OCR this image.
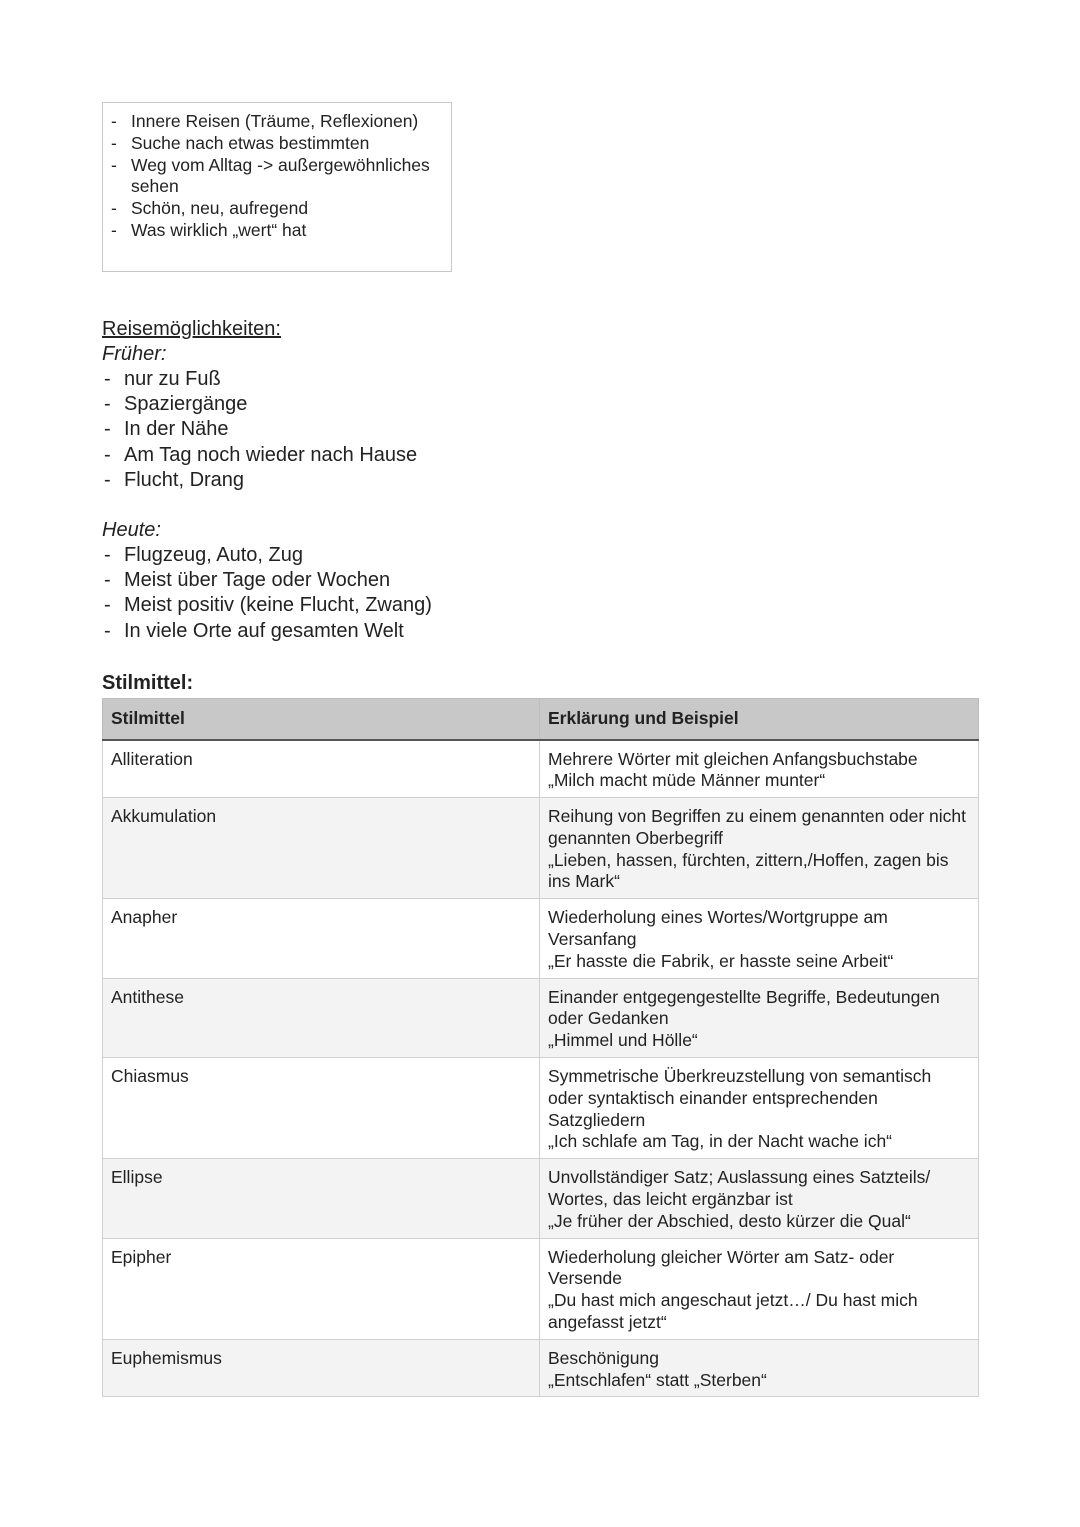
- Innere Reisen (Träume, Reflexionen)
- Suche nach etwas bestimmten
- Weg vom Alltag -> außergewöhnliches sehen
- Schön, neu, aufregend
- Was wirklich „wert“ hat
Reisemöglichkeiten:
Früher:
- nur zu Fuß
- Spaziergänge
- In der Nähe
- Am Tag noch wieder nach Hause
- Flucht, Drang
Heute:
- Flugzeug, Auto, Zug
- Meist über Tage oder Wochen
- Meist positiv (keine Flucht, Zwang)
- In viele Orte auf gesamten Welt
Stilmittel:
Stilmittel	Erklärung und Beispiel
Alliteration	Mehrere Wörter mit gleichen Anfangsbuchstabe
„Milch macht müde Männer munter“

Akkumulation	Reihung von Begriffen zu einem genannten oder nicht genannten Oberbegriff
„Lieben, hassen, fürchten, zittern,/Hoffen, zagen bis ins Mark“

Anapher	Wiederholung eines Wortes/Wortgruppe am Versanfang
„Er hasste die Fabrik, er hasste seine Arbeit“

Antithese	Einander entgegengestellte Begriffe, Bedeutungen oder Gedanken
„Himmel und Hölle“

Chiasmus	Symmetrische Überkreuzstellung von semantisch oder syntaktisch einander entsprechenden Satzgliedern
„Ich schlafe am Tag, in der Nacht wache ich“

Ellipse	Unvollständiger Satz; Auslassung eines Satzteils/ Wortes, das leicht ergänzbar ist
„Je früher der Abschied, desto kürzer die Qual“

Epipher	Wiederholung gleicher Wörter am Satz- oder Versende
„Du hast mich angeschaut jetzt…/ Du hast mich angefasst jetzt“

Euphemismus	Beschönigung
„Entschlafen“ statt „Sterben“
